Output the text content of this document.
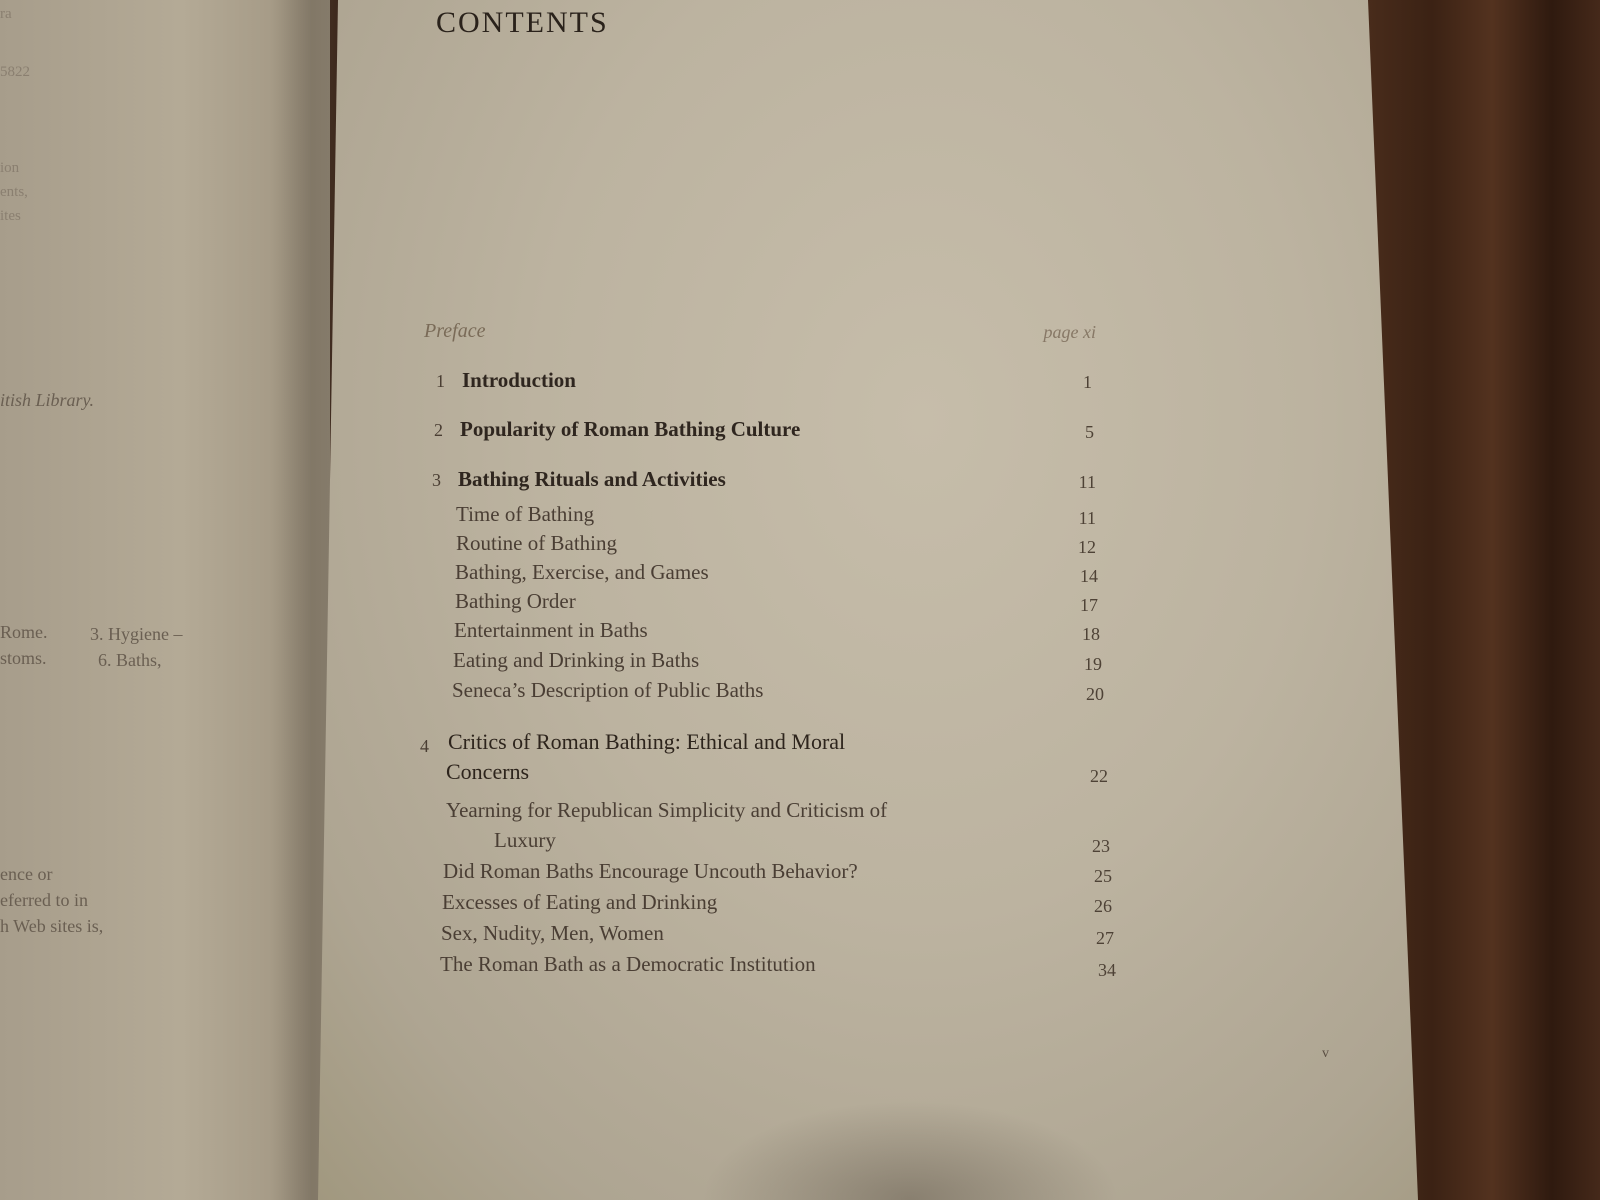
ra
5822
ion
ents,
ites
itish Library.
Rome. 3. Hygiene –
stoms.	6. Baths,
ence or
eferred to in
h Web sites is,
CONTENTS
Preface	page xi
1 Introduction	1
2 Popularity of Roman Bathing Culture	5
3 Bathing Rituals and Activities	11
Time of Bathing	11
Routine of Bathing	12
Bathing, Exercise, and Games	14
Bathing Order	17
Entertainment in Baths	18
Eating and Drinking in Baths	19
Seneca’s Description of Public Baths	20
4 Critics of Roman Bathing: Ethical and Moral
Concerns	22
Yearning for Republican Simplicity and Criticism of
Luxury	23
Did Roman Baths Encourage Uncouth Behavior?	25
Excesses of Eating and Drinking	26
Sex, Nudity, Men, Women	27
The Roman Bath as a Democratic Institution	34
v
